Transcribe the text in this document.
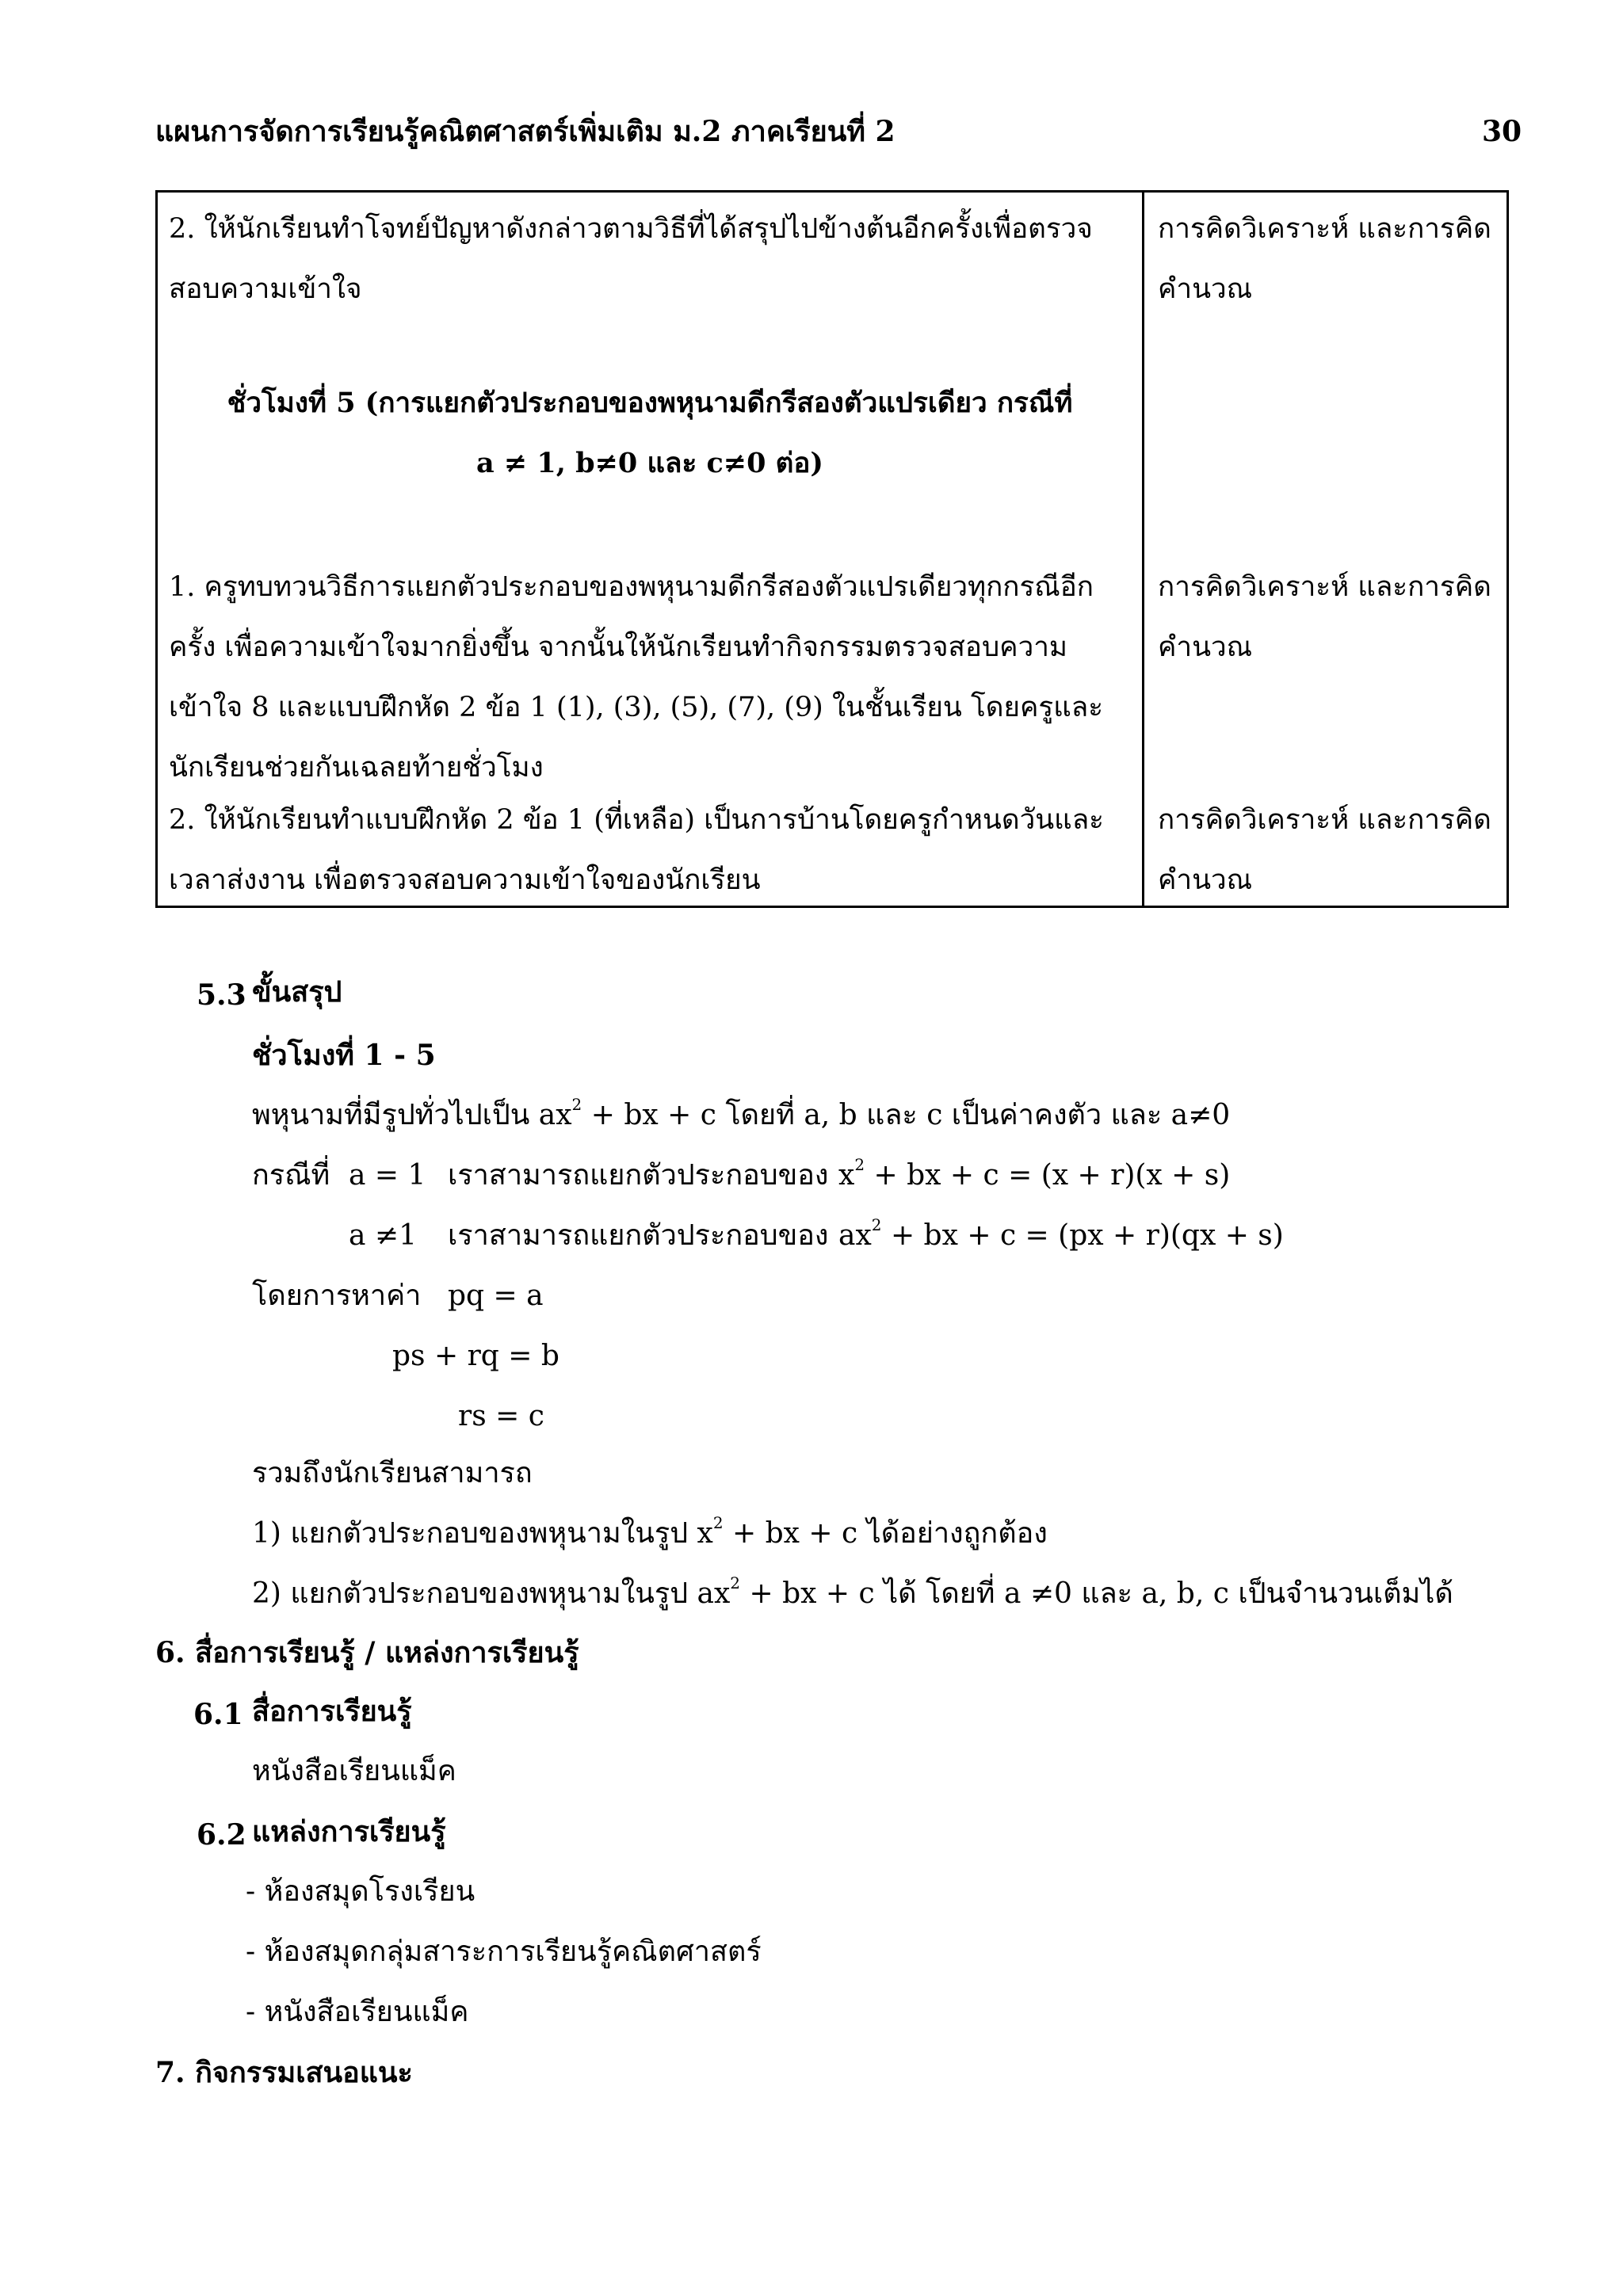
แผนการจัดการเรียนรู้คณิตศาสตร์เพิ่มเติม ม.2 ภาคเรียนที่ 2	30
2. ให้นักเรียนทำโจทย์ปัญหาดังกล่าวตามวิธีที่ได้สรุปไปข้างต้นอีกครั้งเพื่อตรวจสอบความเข้าใจ
การคิดวิเคราะห์ และการคิดคำนวณ
ชั่วโมงที่ 5 (การแยกตัวประกอบของพหุนามดีกรีสองตัวแปรเดียว กรณีที่
a ≠ 1, b≠0 และ c≠0 ต่อ)
1. ครูทบทวนวิธีการแยกตัวประกอบของพหุนามดีกรีสองตัวแปรเดียวทุกกรณีอีกครั้ง เพื่อความเข้าใจมากยิ่งขึ้น จากนั้นให้นักเรียนทำกิจกรรมตรวจสอบความเข้าใจ 8 และแบบฝึกหัด 2 ข้อ 1 (1), (3), (5), (7), (9) ในชั้นเรียน โดยครูและนักเรียนช่วยกันเฉลยท้ายชั่วโมง
การคิดวิเคราะห์ และการคิดคำนวณ
2. ให้นักเรียนทำแบบฝึกหัด 2 ข้อ 1 (ที่เหลือ) เป็นการบ้านโดยครูกำหนดวันและเวลาส่งงาน เพื่อตรวจสอบความเข้าใจของนักเรียน
การคิดวิเคราะห์ และการคิดคำนวณ
5.3 ขั้นสรุป
ชั่วโมงที่ 1 - 5
พหุนามที่มีรูปทั่วไปเป็น $ax^2$ + bx + c โดยที่ a, b และ c เป็นค่าคงตัว และ a≠0
กรณีที่ a = 1 เราสามารถแยกตัวประกอบของ $x^2$ + bx + c = (x + r)(x + s)
a ≠1 เราสามารถแยกตัวประกอบของ $ax^2$ + bx + c = (px + r)(qx + s)
โดยการหาค่า pq = a
ps + rq = b
rs = c
รวมถึงนักเรียนสามารถ
1) แยกตัวประกอบของพหุนามในรูป $x^2$ + bx + c ได้อย่างถูกต้อง
2) แยกตัวประกอบของพหุนามในรูป $ax^2$ + bx + c ได้ โดยที่ a ≠0 และ a, b, c เป็นจำนวนเต็มได้
6. สื่อการเรียนรู้ / แหล่งการเรียนรู้
6.1 สื่อการเรียนรู้
หนังสือเรียนแม็ค
6.2 แหล่งการเรียนรู้
- ห้องสมุดโรงเรียน
- ห้องสมุดกลุ่มสาระการเรียนรู้คณิตศาสตร์
- หนังสือเรียนแม็ค
7. กิจกรรมเสนอแนะ
